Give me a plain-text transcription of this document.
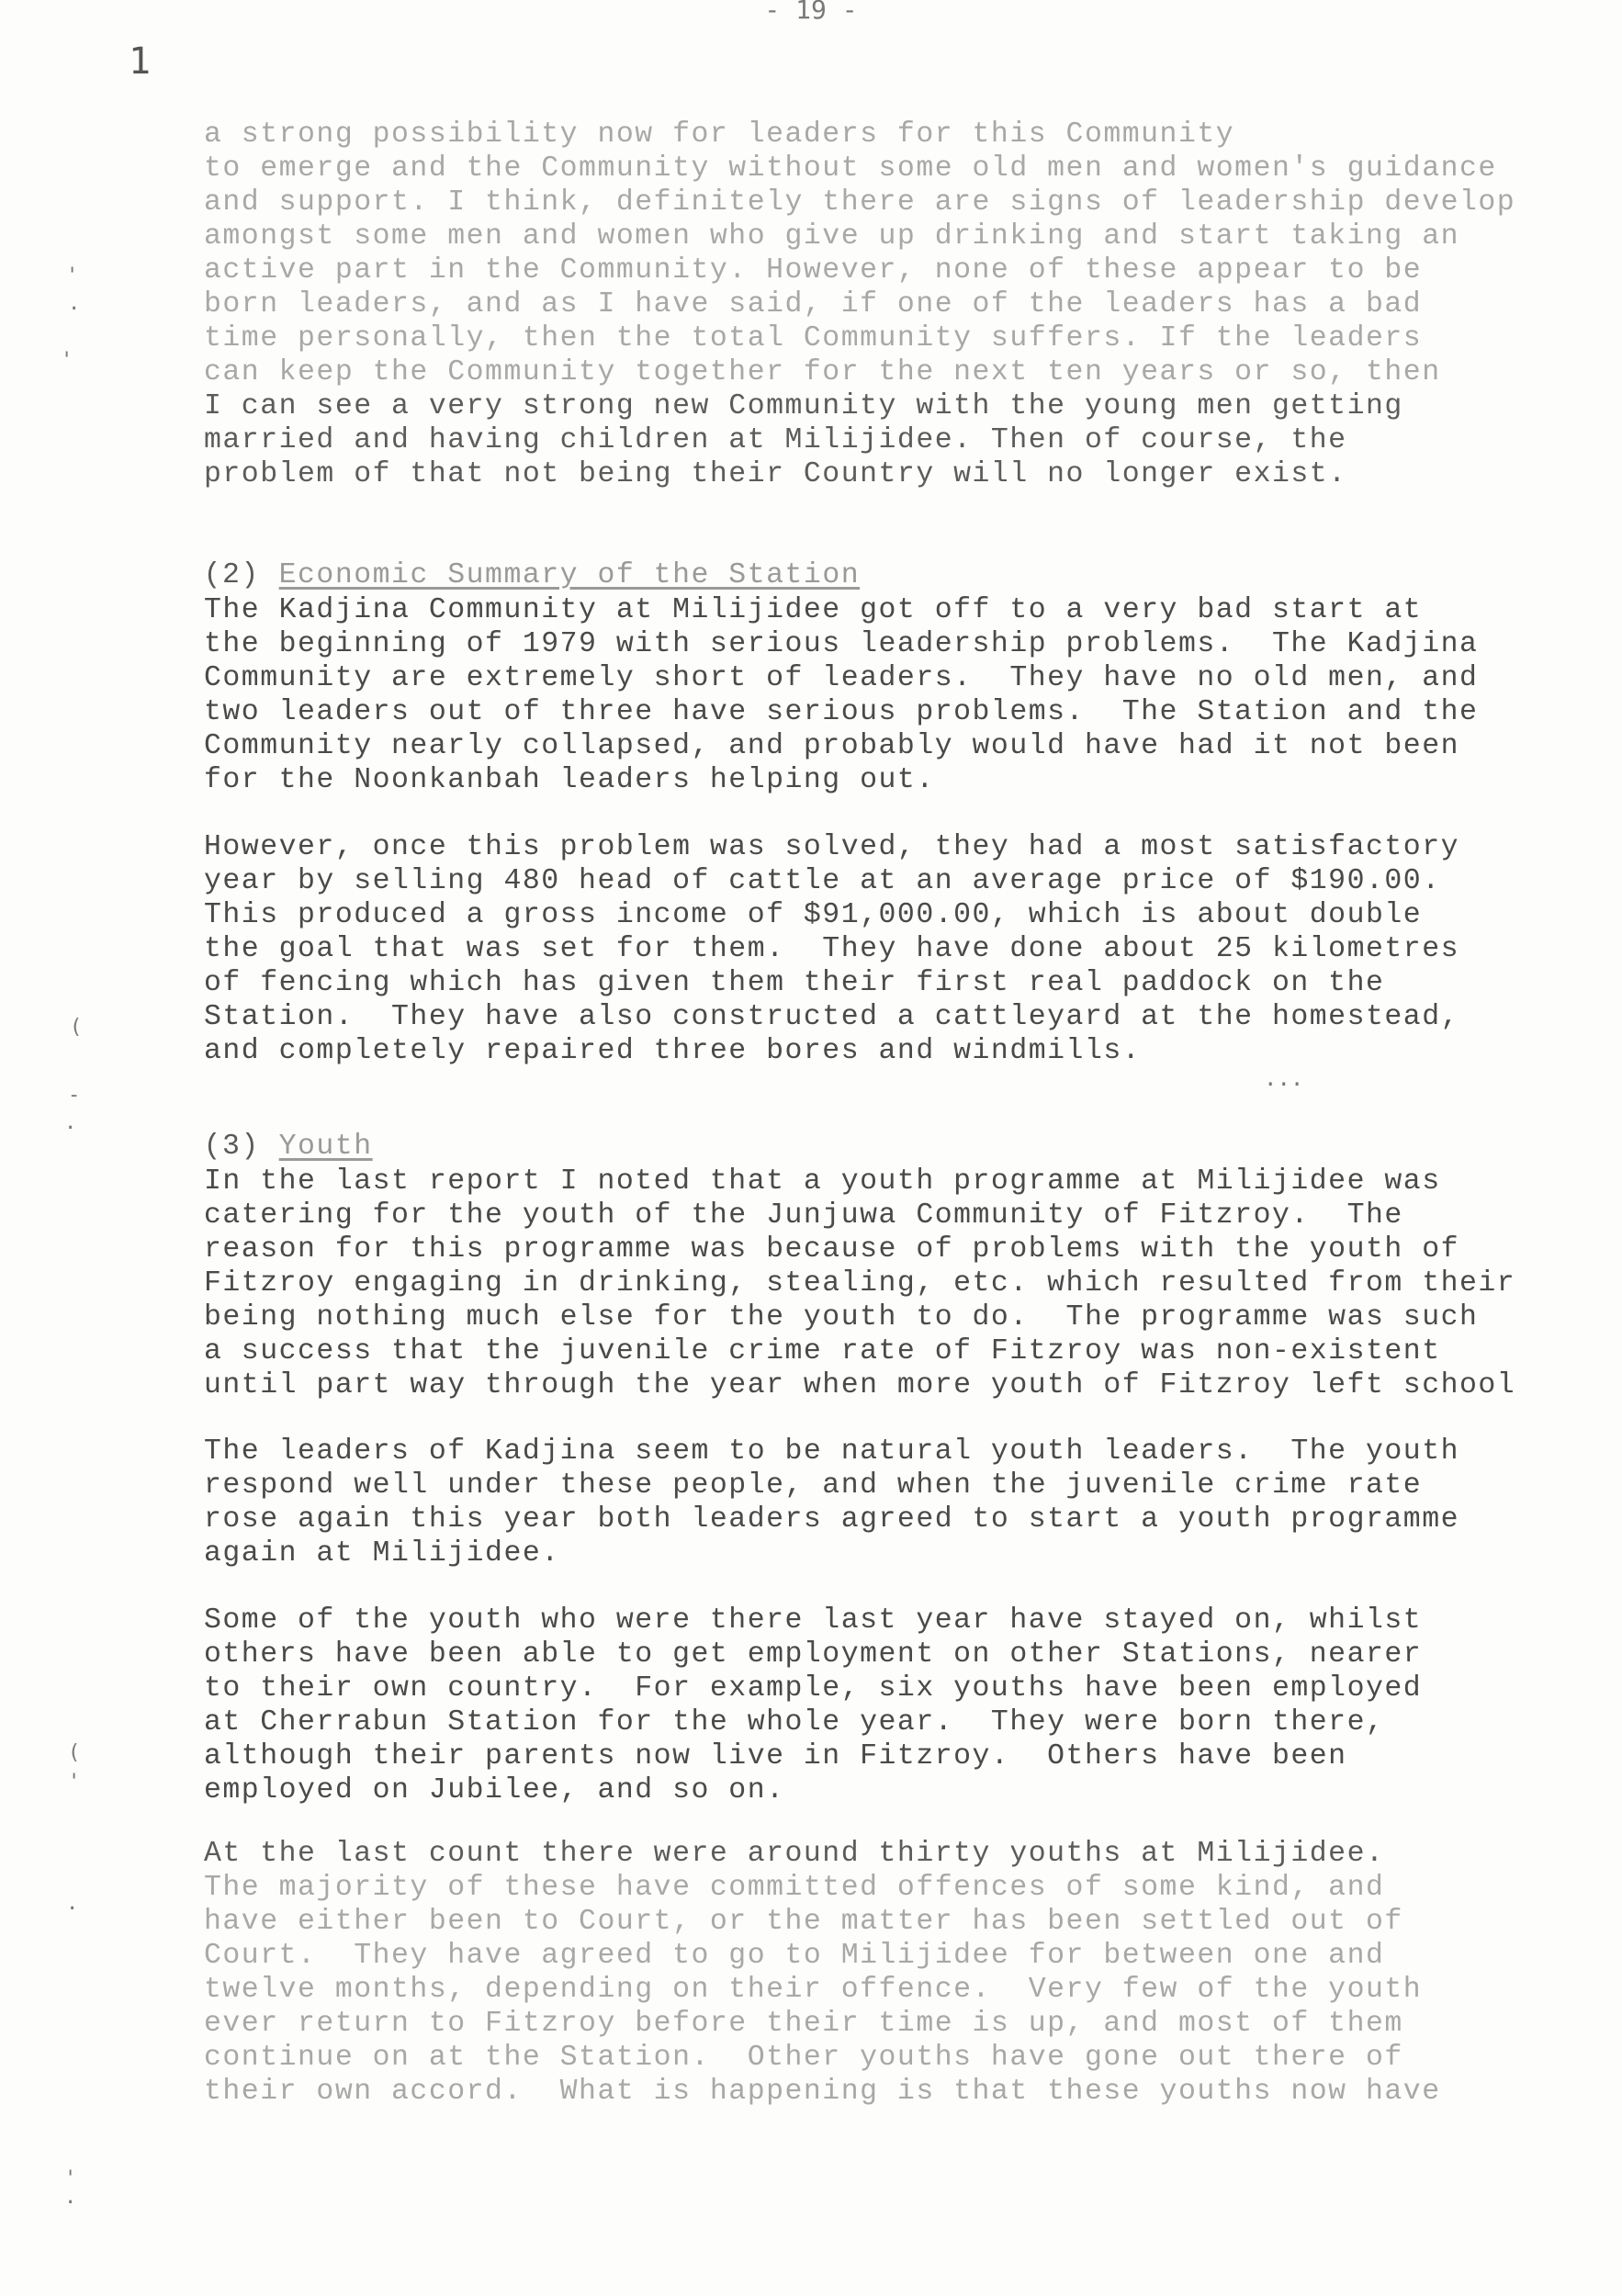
- 19 -
1
'
.
'
(
-
.
(
'
.
'
.
a strong possibility now for leaders for this Community
to emerge and the Community without some old men and women's guidance
and support. I think, definitely there are signs of leadership develop
amongst some men and women who give up drinking and start taking an
active part in the Community. However, none of these appear to be
born leaders, and as I have said, if one of the leaders has a bad
time personally, then the total Community suffers. If the leaders
can keep the Community together for the next ten years or so, then
I can see a very strong new Community with the young men getting
married and having children at Milijidee. Then of course, the
problem of that not being their Country will no longer exist.

(2) Economic Summary of the Station

The Kadjina Community at Milijidee got off to a very bad start at
the beginning of 1979 with serious leadership problems.  The Kadjina
Community are extremely short of leaders.  They have no old men, and
two leaders out of three have serious problems.  The Station and the
Community nearly collapsed, and probably would have had it not been
for the Noonkanbah leaders helping out.
However, once this problem was solved, they had a most satisfactory
year by selling 480 head of cattle at an average price of $190.00.
This produced a gross income of $91,000.00, which is about double
the goal that was set for them.  They have done about 25 kilometres
of fencing which has given them their first real paddock on the
Station.  They have also constructed a cattleyard at the homestead,
and completely repaired three bores and windmills.
...

(3) Youth

In the last report I noted that a youth programme at Milijidee was
catering for the youth of the Junjuwa Community of Fitzroy.  The
reason for this programme was because of problems with the youth of
Fitzroy engaging in drinking, stealing, etc. which resulted from their
being nothing much else for the youth to do.  The programme was such
a success that the juvenile crime rate of Fitzroy was non-existent
until part way through the year when more youth of Fitzroy left school
The leaders of Kadjina seem to be natural youth leaders.  The youth
respond well under these people, and when the juvenile crime rate
rose again this year both leaders agreed to start a youth programme
again at Milijidee.
Some of the youth who were there last year have stayed on, whilst
others have been able to get employment on other Stations, nearer
to their own country.  For example, six youths have been employed
at Cherrabun Station for the whole year.  They were born there,
although their parents now live in Fitzroy.  Others have been
employed on Jubilee, and so on.
At the last count there were around thirty youths at Milijidee.
The majority of these have committed offences of some kind, and
have either been to Court, or the matter has been settled out of
Court.  They have agreed to go to Milijidee for between one and
twelve months, depending on their offence.  Very few of the youth
ever return to Fitzroy before their time is up, and most of them
continue on at the Station.  Other youths have gone out there of
their own accord.  What is happening is that these youths now have
